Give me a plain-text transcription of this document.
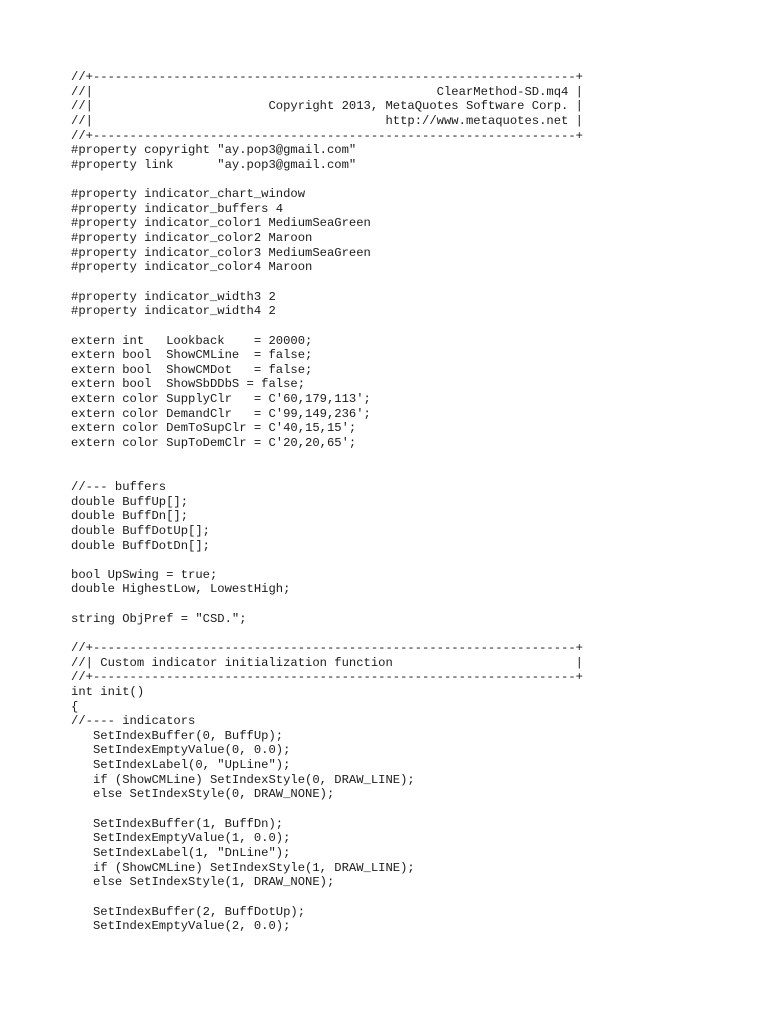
//+------------------------------------------------------------------+
//|                                               ClearMethod-SD.mq4 |
//|                        Copyright 2013, MetaQuotes Software Corp. |
//|                                        http://www.metaquotes.net |
//+------------------------------------------------------------------+
#property copyright "ay.pop3@gmail.com"
#property link      "ay.pop3@gmail.com"
#property indicator_chart_window
#property indicator_buffers 4
#property indicator_color1 MediumSeaGreen
#property indicator_color2 Maroon
#property indicator_color3 MediumSeaGreen
#property indicator_color4 Maroon
#property indicator_width3 2
#property indicator_width4 2
extern int   Lookback    = 20000;
extern bool  ShowCMLine  = false;
extern bool  ShowCMDot   = false;
extern bool  ShowSbDDbS = false;
extern color SupplyClr   = C'60,179,113';
extern color DemandClr   = C'99,149,236';
extern color DemToSupClr = C'40,15,15';
extern color SupToDemClr = C'20,20,65';
//--- buffers
double BuffUp[];
double BuffDn[];
double BuffDotUp[];
double BuffDotDn[];
bool UpSwing = true;
double HighestLow, LowestHigh;
string ObjPref = "CSD.";
//+------------------------------------------------------------------+
//| Custom indicator initialization function                         |
//+------------------------------------------------------------------+
int init()
{
//---- indicators
SetIndexBuffer(0, BuffUp);
SetIndexEmptyValue(0, 0.0);
SetIndexLabel(0, "UpLine");
if (ShowCMLine) SetIndexStyle(0, DRAW_LINE);
else SetIndexStyle(0, DRAW_NONE);
SetIndexBuffer(1, BuffDn);
SetIndexEmptyValue(1, 0.0);
SetIndexLabel(1, "DnLine");
if (ShowCMLine) SetIndexStyle(1, DRAW_LINE);
else SetIndexStyle(1, DRAW_NONE);
SetIndexBuffer(2, BuffDotUp);
SetIndexEmptyValue(2, 0.0);
